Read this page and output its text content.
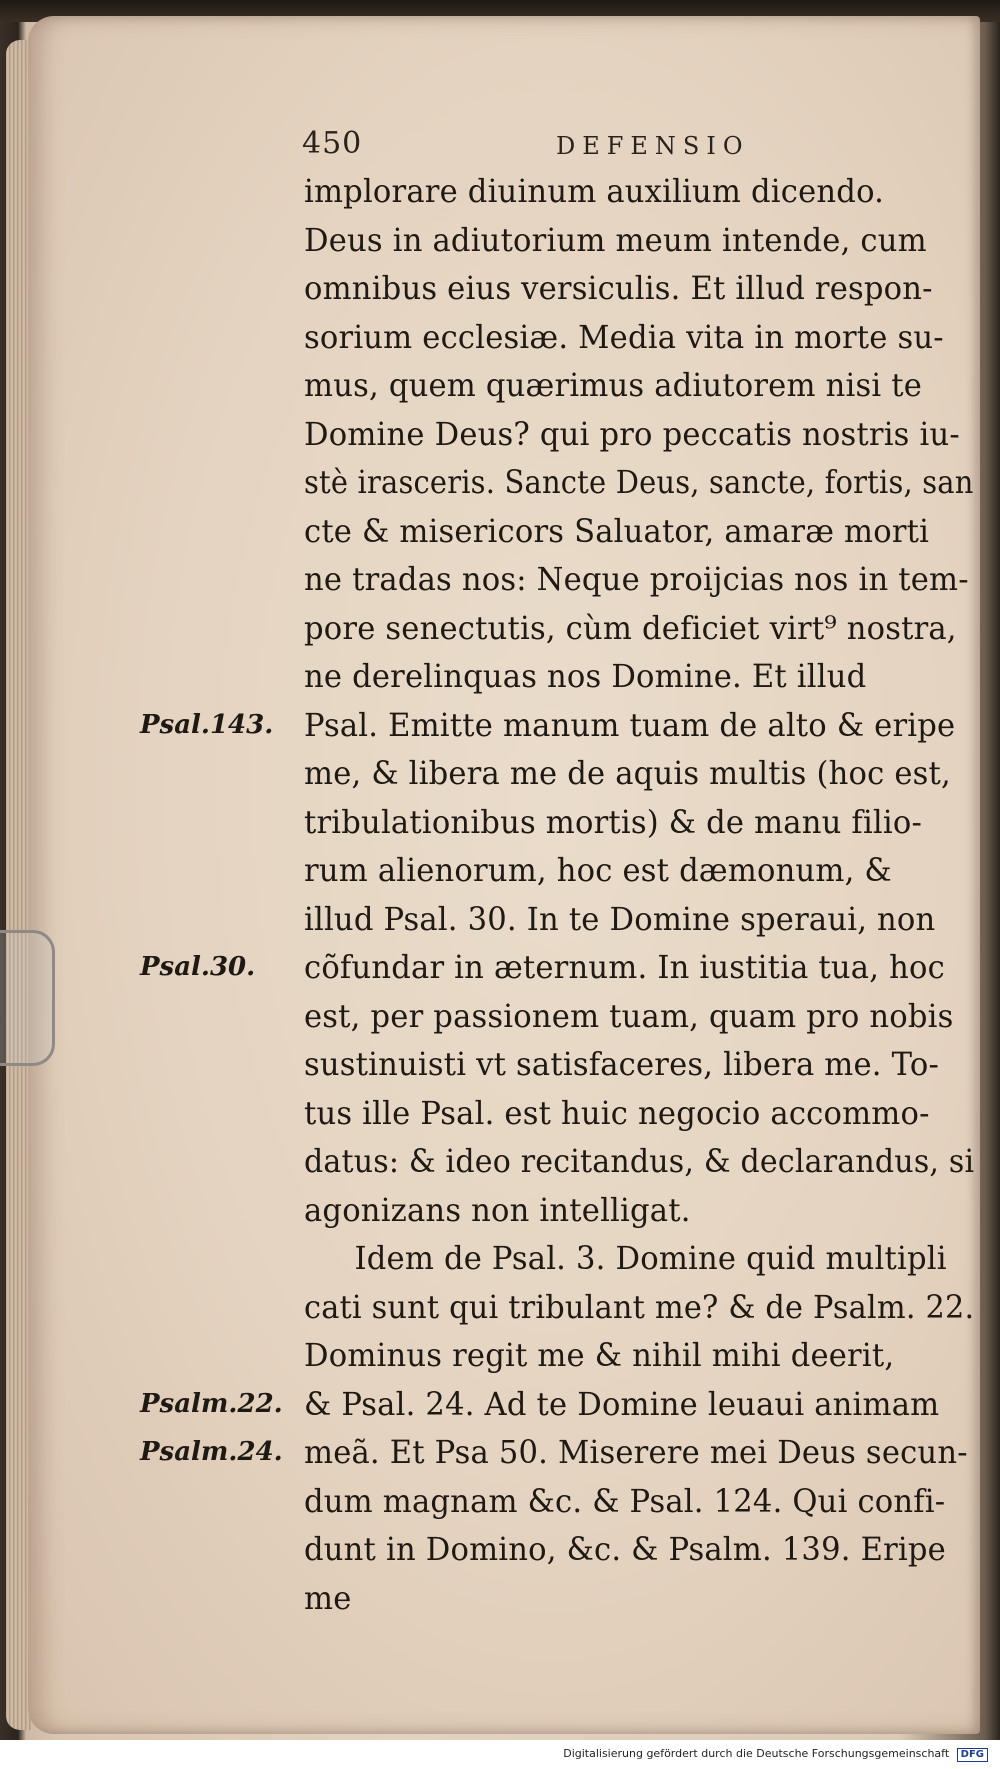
450	DEFENSIO
implorare diuinum auxilium dicendo.
Deus in adiutorium meum intende, cum
omnibus eius versiculis. Et illud respon-
sorium ecclesiæ. Media vita in morte su-
mus, quem quærimus adiutorem nisi te
Domine Deus? qui pro peccatis nostris iu-
stè irasceris. Sancte Deus, sancte, fortis, san
cte & misericors Saluator, amaræ morti
ne tradas nos: Neque proijcias nos in tem-
pore senectutis, cùm deficiet virt⁹ nostra,
ne derelinquas nos Domine. Et illud
Psal. Emitte manum tuam de alto & eripe
me, & libera me de aquis multis (hoc est,
tribulationibus mortis) & de manu filio-
rum alienorum, hoc est dæmonum, &
illud Psal. 30. In te Domine speraui, non
cõfundar in æternum. In iustitia tua, hoc
est, per passionem tuam, quam pro nobis
sustinuisti vt satisfaceres, libera me. To-
tus ille Psal. est huic negocio accommo-
datus: & ideo recitandus, & declarandus, si
agonizans non intelligat.
Idem de Psal. 3. Domine quid multipli
cati sunt qui tribulant me? & de Psalm. 22.
Dominus regit me & nihil mihi deerit,
& Psal. 24. Ad te Domine leuaui animam
meã. Et Psa 50. Miserere mei Deus secun-
dum magnam &c. & Psal. 124. Qui confi-
dunt in Domino, &c. & Psalm. 139. Eripe
me
Psal.143.
Psal.30.
Psalm.22.
Psalm.24.
Digitalisierung gefördert durch die Deutsche Forschungsgemeinschaft DFG
